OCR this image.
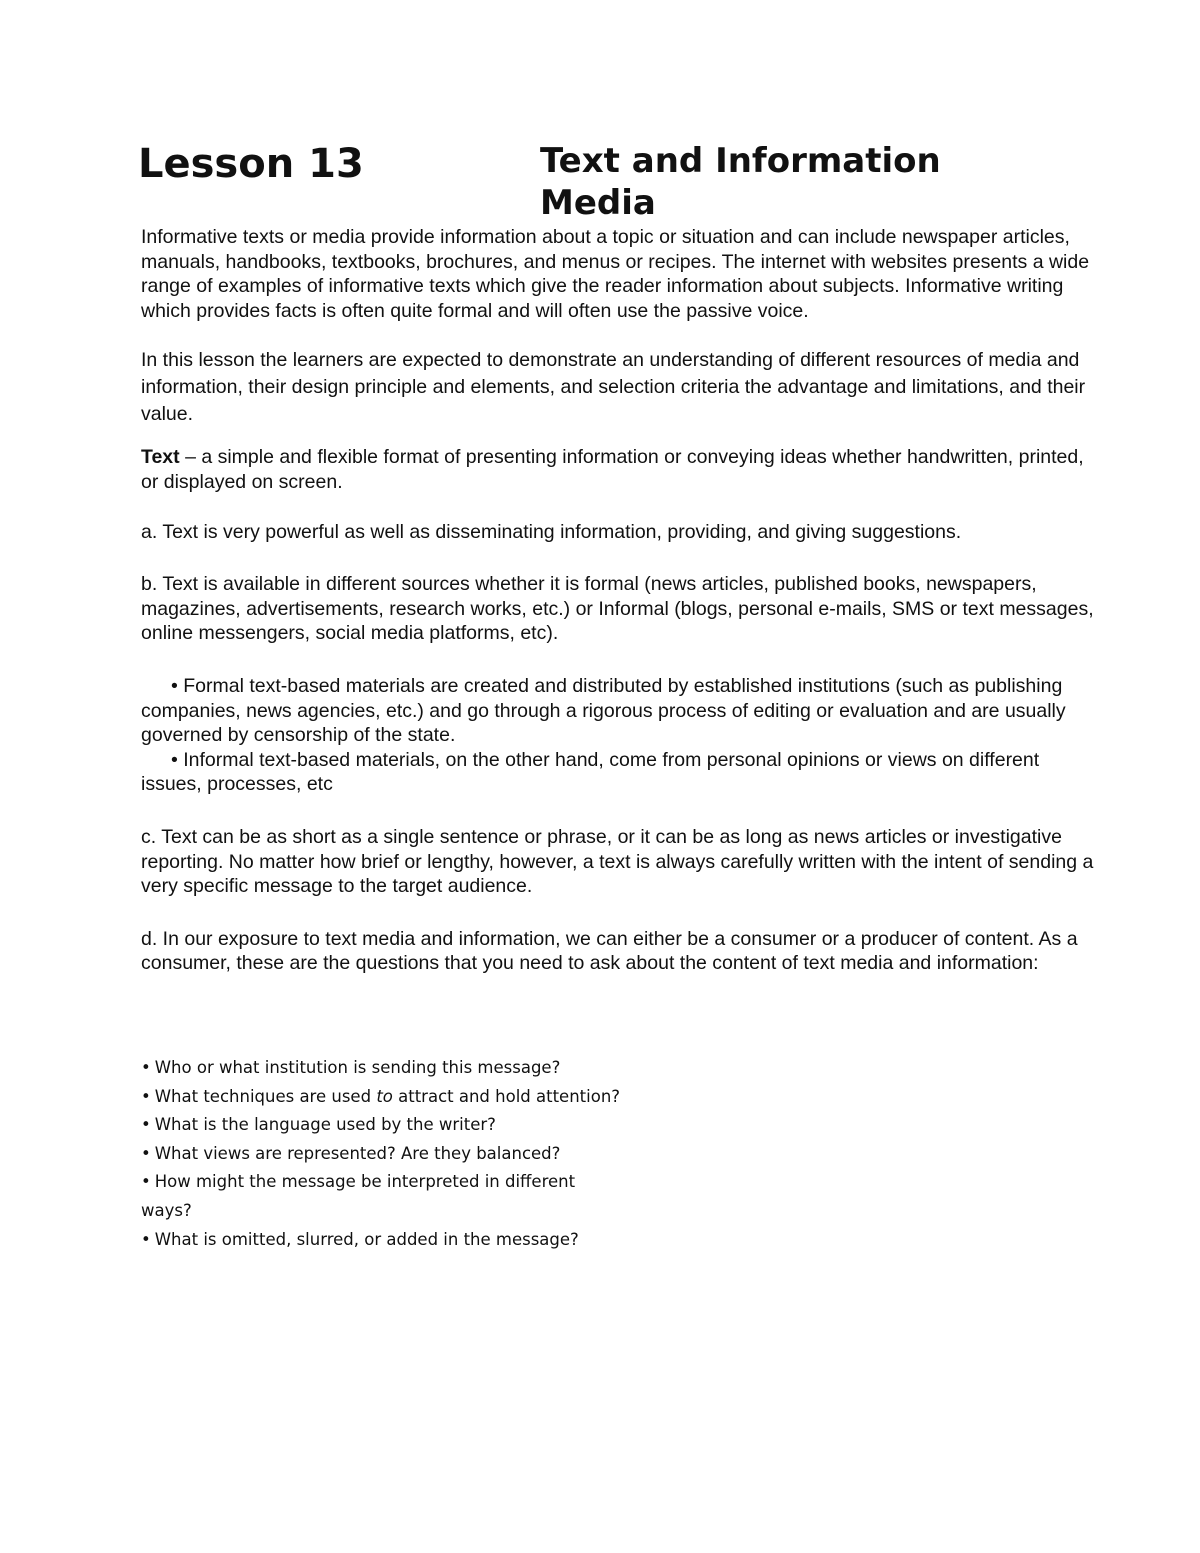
Lesson 13	Text and Information Media

Informative texts or media provide information about a topic or situation and can include newspaper articles, manuals, handbooks, textbooks, brochures, and menus or recipes. The internet with websites presents a wide range of examples of informative texts which give the reader information about subjects. Informative writing which provides facts is often quite formal and will often use the passive voice.

In this lesson the learners are expected to demonstrate an understanding of different resources of media and information, their design principle and elements, and selection criteria the advantage and limitations, and their value.

Text – a simple and flexible format of presenting information or conveying ideas whether handwritten, printed, or displayed on screen.

a. Text is very powerful as well as disseminating information, providing, and giving suggestions.

b. Text is available in different sources whether it is formal (news articles, published books, newspapers, magazines, advertisements, research works, etc.) or Informal (blogs, personal e-mails, SMS or text messages, online messengers, social media platforms, etc).

• Formal text-based materials are created and distributed by established institutions (such as publishing companies, news agencies, etc.) and go through a rigorous process of editing or evaluation and are usually governed by censorship of the state.

• Informal text-based materials, on the other hand, come from personal opinions or views on different issues, processes, etc

c. Text can be as short as a single sentence or phrase, or it can be as long as news articles or investigative reporting. No matter how brief or lengthy, however, a text is always carefully written with the intent of sending a very specific message to the target audience.

d. In our exposure to text media and information, we can either be a consumer or a producer of content. As a consumer, these are the questions that you need to ask about the content of text media and information:

• Who or what institution is sending this message?
• What techniques are used to attract and hold attention?
• What is the language used by the writer?
• What views are represented? Are they balanced?
• How might the message be interpreted in different ways?
• What is omitted, slurred, or added in the message?
